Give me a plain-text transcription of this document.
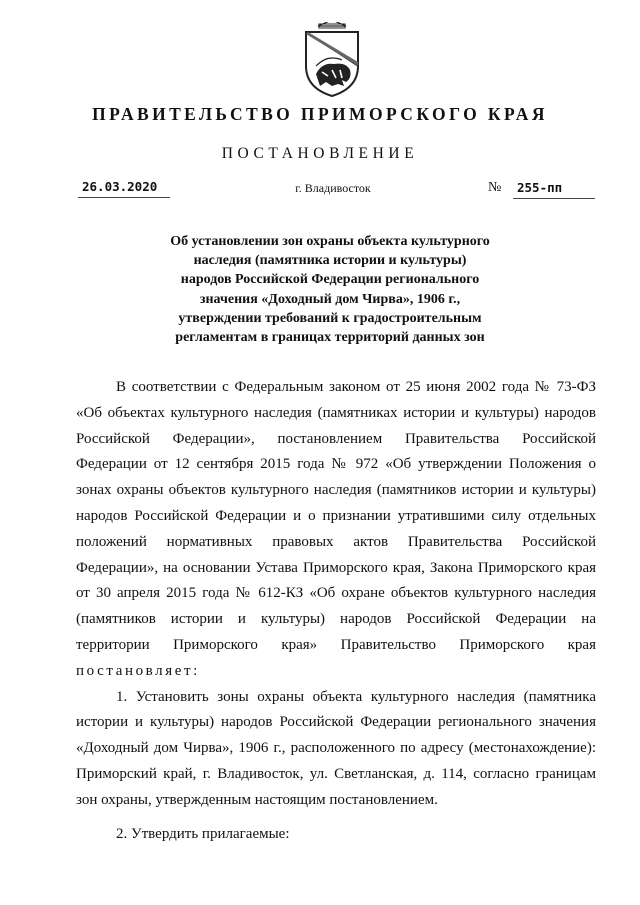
ПРАВИТЕЛЬСТВО ПРИМОРСКОГО КРАЯ
ПОСТАНОВЛЕНИЕ
26.03.2020	г. Владивосток	№ 255-пп
Об установлении зон охраны объекта культурного
наследия (памятника истории и культуры)
народов Российской Федерации регионального
значения «Доходный дом Чирва», 1906 г.,
утверждении требований к градостроительным
регламентам в границах территорий данных зон
В соответствии с Федеральным законом от 25 июня 2002 года № 73-ФЗ
«Об объектах культурного наследия (памятниках истории и культуры) народов
Российской Федерации», постановлением Правительства Российской
Федерации от 12 сентября 2015 года № 972 «Об утверждении Положения о
зонах охраны объектов культурного наследия (памятников истории и культуры)
народов Российской Федерации и о признании утратившими силу отдельных
положений нормативных правовых актов Правительства Российской
Федерации», на основании Устава Приморского края, Закона Приморского края
от 30 апреля 2015 года № 612-КЗ «Об охране объектов культурного наследия
(памятников истории и культуры) народов Российской Федерации на
территории Приморского края» Правительство Приморского края
постановляет:
1. Установить зоны охраны объекта культурного наследия (памятника
истории и культуры) народов Российской Федерации регионального значения
«Доходный дом Чирва», 1906 г., расположенного по адресу (местонахождение):
Приморский край, г. Владивосток, ул. Светланская, д. 114, согласно границам
зон охраны, утвержденным настоящим постановлением.
2. Утвердить прилагаемые:
